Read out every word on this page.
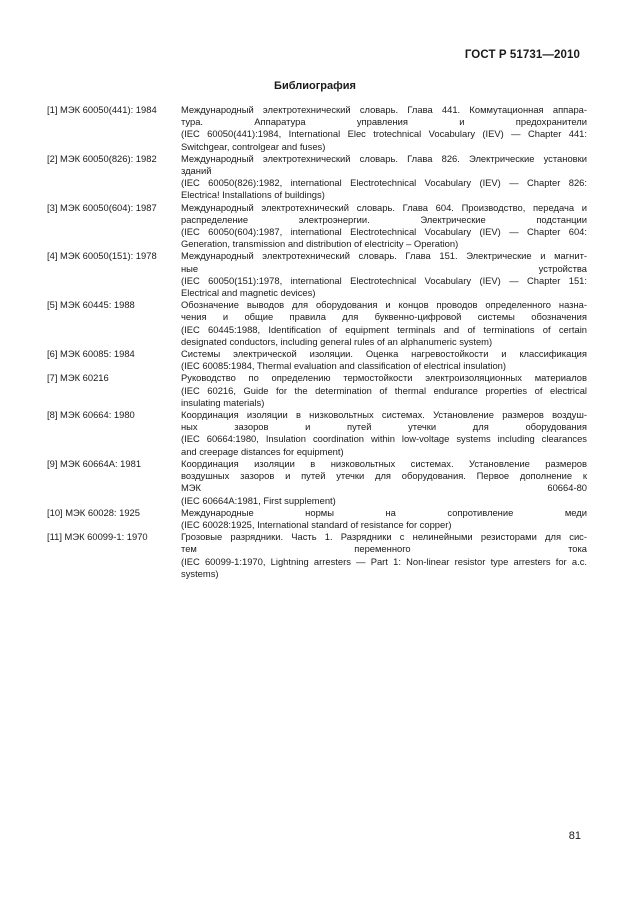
ГОСТ Р 51731—2010
Библиография
[1] МЭК 60050(441): 1984	Международный электротехнический словарь. Глава 441. Коммутационная аппара-
тура. Аппаратура управления и предохранители
(IEC 60050(441):1984, International Elec trotechnical Vocabulary (IEV) — Chapter 441:
Switchgear, controlgear and fuses)
[2] МЭК 60050(826): 1982	Международный электротехнический словарь. Глава 826. Электрические установки
зданий
(IEC 60050(826):1982, international Electrotechnical Vocabulary (IEV) — Chapter 826:
Electrica! Installations of buildings)
[3] МЭК 60050(604): 1987	Международный электротехнический словарь. Глава 604. Производство, передача и
распределение электроэнергии. Электрические подстанции
(IEC 60050(604):1987, international Electrotechnical Vocabulary (IEV) — Chapter 604:
Generation, transmission and distribution of electricity – Operation)
[4] МЭК 60050(151): 1978	Международный электротехнический словарь. Глава 151. Электрические и магнит-
ные устройства
(IEC 60050(151):1978, international Electrotechnical Vocabulary (IEV) — Chapter 151:
Electrical and magnetic devices)
[5] МЭК 60445: 1988	Обозначение выводов для оборудования и концов проводов определенного назна-
чения и общие правила для буквенно-цифровой системы обозначения
(IEC 60445:1988, Identification of equipment terminals and of terminations of certain
designated conductors, including general rules of an alphanumeric system)
[6] МЭК 60085: 1984	Системы электрической изоляции. Оценка нагревостойкости и классификация
(IEC 60085:1984, Thermal evaluation and classification of electrical insulation)
[7] МЭК 60216	Руководство по определению термостойкости электроизоляционных материалов
(IEC 60216, Guide for the determination of thermal endurance properties of electrical
insulating materials)
[8] МЭК 60664: 1980	Координация изоляции в низковольтных системах. Установление размеров воздуш-
ных зазоров и путей утечки для оборудования
(IEC 60664:1980, Insulation coordination within low-voltage systems including clearances
and creepage distances for equipment)
[9] МЭК 60664А: 1981	Координация изоляции в низковольтных системах. Установление размеров
воздушных зазоров и путей утечки для оборудования. Первое дополнение к
МЭК 60664-80
(IEC 60664A:1981, First supplement)
[10] МЭК 60028: 1925	Международные нормы на сопротивление меди
(IEC 60028:1925, International standard of resistance for copper)
[11] МЭК 60099-1: 1970	Грозовые разрядники. Часть 1. Разрядники с нелинейными резисторами для сис-
тем переменного тока
(IEC 60099-1:1970, Lightning arresters — Part 1: Non-linear resistor type arresters for a.c.
systems)
81
